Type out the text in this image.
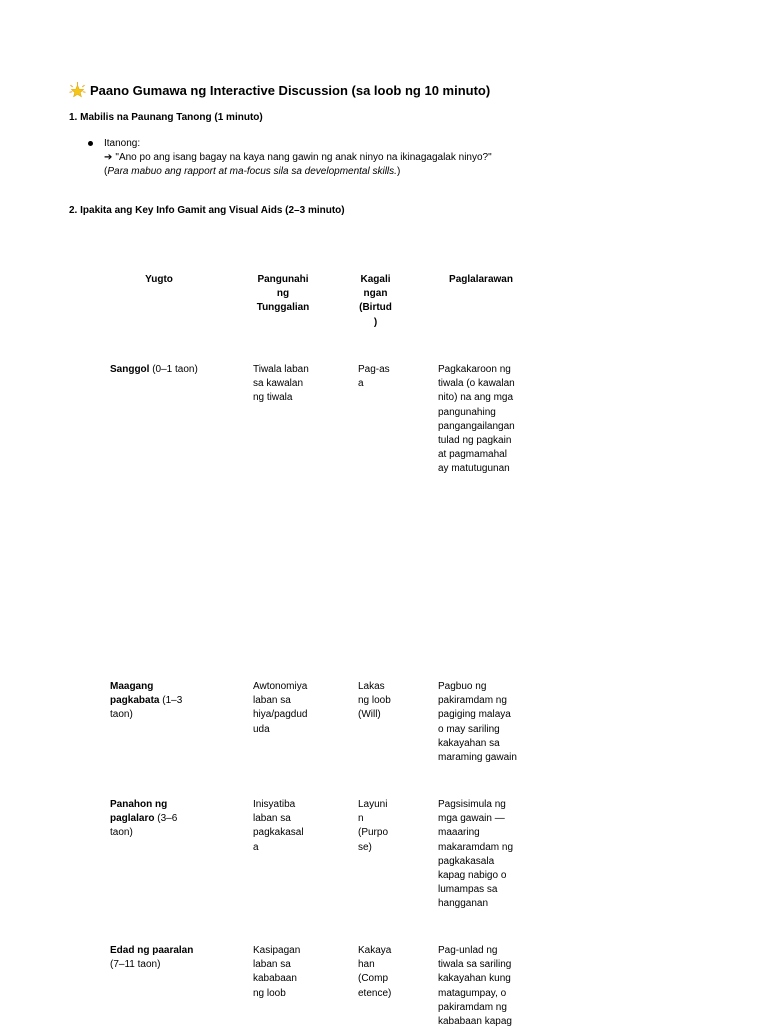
Paano Gumawa ng Interactive Discussion (sa loob ng 10 minuto)
1. Mabilis na Paunang Tanong (1 minuto)
Itanong:
➔ "Ano po ang isang bagay na kaya nang gawin ng anak ninyo na ikinagagalak ninyo?"
(Para mabuo ang rapport at ma-focus sila sa developmental skills.)
2. Ipakita ang Key Info Gamit ang Visual Aids (2–3 minuto)
Yugto	Pangunahi
ng
Tunggalian
Kagali
ngan
(Birtud
)
Paglalarawan
Sanggol (0–1 taon)	Tiwala laban
sa kawalan
ng tiwala
Pag-as
a
Pagkakaroon ng
tiwala (o kawalan
nito) na ang mga
pangunahing
pangangailangan
tulad ng pagkain
at pagmamahal
ay matutugunan
Maagang
pagkabata (1–3
taon)
Awtonomiya
laban sa
hiya/pagdud
uda
Lakas
ng loob
(Will)
Pagbuo ng
pakiramdam ng
pagiging malaya
o may sariling
kakayahan sa
maraming gawain
Panahon ng
paglalaro (3–6
taon)
Inisyatiba
laban sa
pagkakasal
a
Layuni
n
(Purpo
se)
Pagsisimula ng
mga gawain —
maaaring
makaramdam ng
pagkakasala
kapag nabigo o
lumampas sa
hangganan
Edad ng paaralan
(7–11 taon)
Kasipagan
laban sa
kababaan
ng loob
Kakaya
han
(Comp
etence)
Pag-unlad ng
tiwala sa sariling
kakayahan kung
matagumpay, o
pakiramdam ng
kababaan kapag
